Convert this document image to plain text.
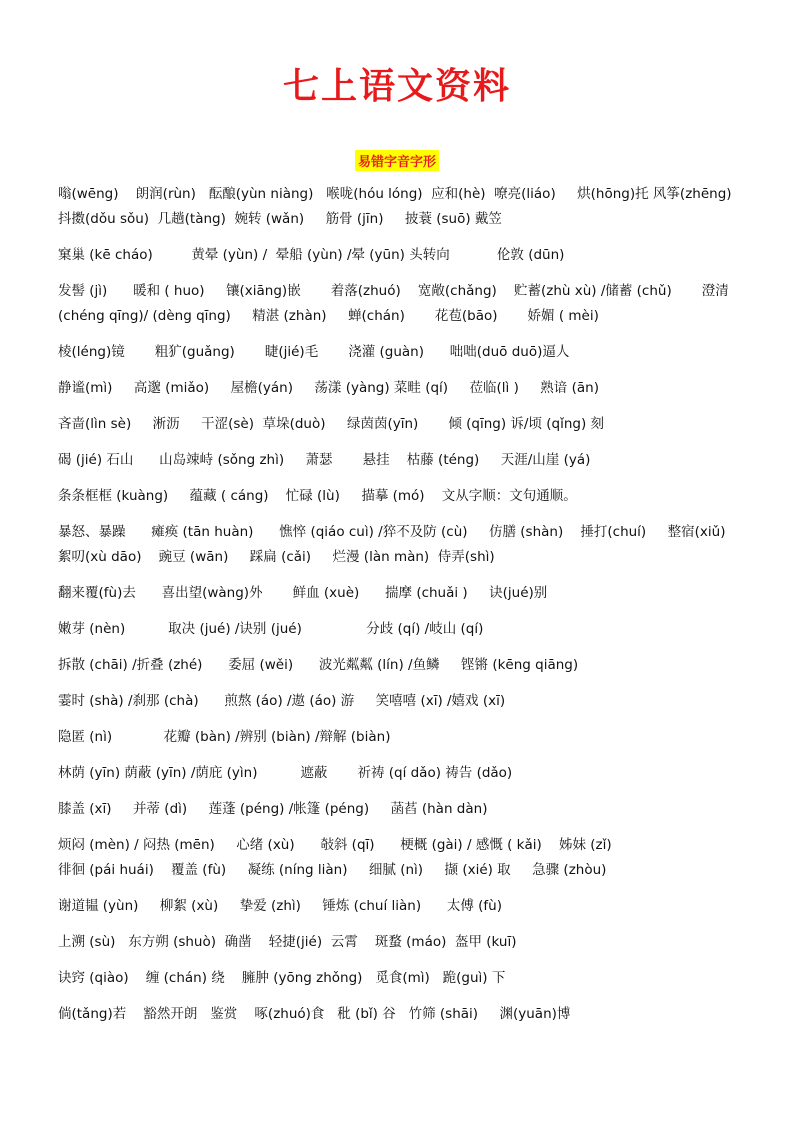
七上语文资料
易错字音字形

嗡(wēng)    朗润(rùn)   酝酿(yùn niàng)   喉咙(hóu lóng)  应和(hè)  嘹亮(liáo)     烘(hōng)托 风筝(zhēng)  抖擞(dǒu sǒu)  几趟(tàng)  婉转 (wǎn)     筋骨 (jīn)     披蓑 (suō) 戴笠

窠巢 (kē cháo)         黄晕 (yùn) /  晕船 (yùn) /晕 (yūn) 头转向           伦敦 (dūn)

发髻 (jì)      暖和 ( huo)     镶(xiāng)嵌       着落(zhuó)    宽敞(chǎng)    贮蓄(zhù xù) /储蓄 (chǔ)       澄清(chéng qīng)/ (dèng qīng)     精湛 (zhàn)     蝉(chán)       花苞(bāo)       娇媚 ( mèi)

棱(léng)镜       粗犷(guǎng)       睫(jié)毛       浇灌 (guàn)      咄咄(duō duō)逼人

静谧(mì)     高邈 (miǎo)     屋檐(yán)     荡漾 (yàng) 菜畦 (qí)     莅临(lì )     熟谙 (ān)

吝啬(lìn sè)     淅沥     干涩(sè)  草垛(duò)     绿茵茵(yīn)       倾 (qīng) 诉/顷 (qǐng) 刻

碣 (jié) 石山      山岛竦峙 (sǒng zhì)     萧瑟       悬挂    枯藤 (téng)     天涯/山崖 (yá)

条条框框 (kuàng)     蕴藏 ( cáng)    忙碌 (lù)     描摹 (mó)    文从字顺：文句通顺。

暴怒、暴躁      瘫痪 (tān huàn)      憔悴 (qiáo cuì) /猝不及防 (cù)     仿膳 (shàn)    捶打(chuí)     整宿(xiǔ)       絮叨(xù dāo)    豌豆 (wān)     踩扁 (cǎi)     烂漫 (làn màn)  侍弄(shì)

翻来覆(fù)去      喜出望(wàng)外       鲜血 (xuè)      揣摩 (chuǎi )     诀(jué)别

嫩芽 (nèn)          取决 (jué) /诀别 (jué)               分歧 (qí) /岐山 (qí)

拆散 (chāi) /折叠 (zhé)      委屈 (wěi)      波光粼粼 (lín) /鱼鳞     铿锵 (kēng qiāng)

霎时 (shà) /刹那 (chà)      煎熬 (áo) /遨 (áo) 游     笑嘻嘻 (xī) /嬉戏 (xī)

隐匿 (nì)            花瓣 (bàn) /辨别 (biàn) /辩解 (biàn)

林荫 (yīn) 荫蔽 (yīn) /荫庇 (yìn)          遮蔽       祈祷 (qí dǎo) 祷告 (dǎo)

膝盖 (xī)     并蒂 (dì)     莲蓬 (péng) /帐篷 (péng)     菡萏 (hàn dàn)

烦闷 (mèn) / 闷热 (mēn)     心绪 (xù)      敧斜 (qī)      梗概 (gài) / 感慨 ( kǎi)    姊妹 (zǐ)

徘徊 (pái huái)    覆盖 (fù)     凝练 (níng liàn)     细腻 (nì)     撷 (xié) 取     急骤 (zhòu)

谢道韫 (yùn)     柳絮 (xù)     挚爱 (zhì)     锤炼 (chuí liàn)      太傅 (fù)

上溯 (sù)   东方朔 (shuò)  确凿    轻捷(jié)  云霄    斑蝥 (máo)  盔甲 (kuī)

诀窍 (qiào)    缠 (chán) 绕    臃肿 (yōng zhǒng)   觅食(mì)   跪(guì) 下

倘(tǎng)若    豁然开朗   鉴赏    啄(zhuó)食   秕 (bǐ) 谷   竹筛 (shāi)     渊(yuān)博
